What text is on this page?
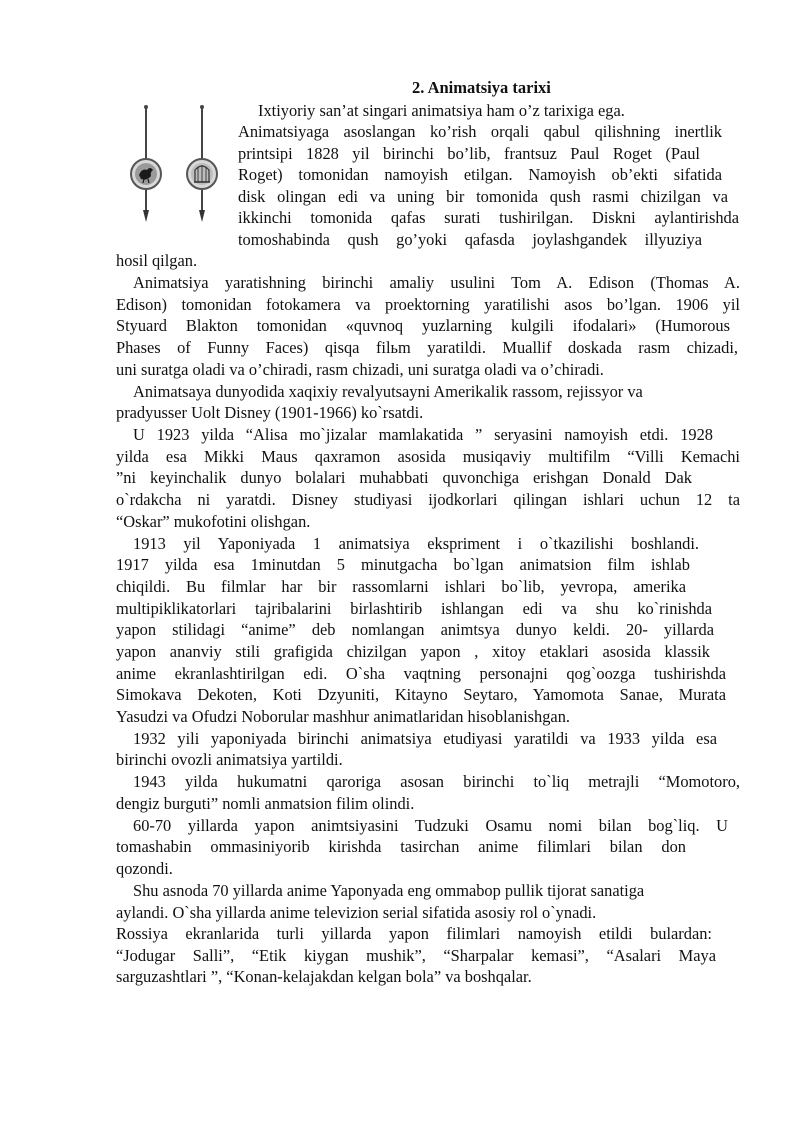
2. Animatsiya tarixi
Ixtiyoriy san’at singari animatsiya ham o’z tarixiga ega.
Animatsiyaga asoslangan ko’rish orqali qabul qilishning inertlik
printsipi 1828 yil birinchi bo’lib, frantsuz Paul Roget (Paul
Roget) tomonidan namoyish etilgan. Namoyish ob’ekti sifatida
disk olingan edi va uning bir tomonida qush rasmi chizilgan va
ikkinchi tomonida qafas surati tushirilgan. Diskni aylantirishda
tomoshabinda qush go’yoki qafasda joylashgandek illyuziya
hosil qilgan.
Animatsiya yaratishning birinchi amaliy usulini Tom A. Edison (Thomas A.
Edison) tomonidan fotokamera va proektorning yaratilishi asos bo’lgan. 1906 yil
Styuard Blakton tomonidan «quvnoq yuzlarning kulgili ifodalari» (Humorous
Phases of Funny Faces) qisqa filьm yaratildi. Muallif doskada rasm chizadi,
uni suratga oladi va o’chiradi, rasm chizadi, uni suratga oladi va o’chiradi.
Animatsaya dunyodida xaqixiy revalyutsayni Amerikalik rassom, rejissyor va
pradyusser Uolt Disney (1901-1966) ko`rsatdi.
U 1923 yilda “Alisa mo`jizalar mamlakatida ” seryasini namoyish etdi. 1928
yilda esa Mikki Maus qaxramon asosida musiqaviy multifilm “Villi Kemachi
”ni keyinchalik dunyo bolalari muhabbati quvonchiga erishgan Donald Dak
o`rdakcha ni yaratdi. Disney studiyasi ijodkorlari qilingan ishlari uchun 12 ta
“Oskar” mukofotini olishgan.
1913 yil Yaponiyada 1 animatsiya ekspriment i o`tkazilishi boshlandi.
1917 yilda esa 1minutdan 5 minutgacha bo`lgan animatsion film ishlab
chiqildi. Bu filmlar har bir rassomlarni ishlari bo`lib, yevropa, amerika
multipiklikatorlari tajribalarini birlashtirib ishlangan edi va shu ko`rinishda
yapon stilidagi “anime” deb nomlangan animtsya dunyo keldi. 20- yillarda
yapon ananviy stili grafigida chizilgan yapon , xitoy etaklari asosida klassik
anime ekranlashtirilgan edi. O`sha vaqtning personajni qog`oozga tushirishda
Simokava Dekoten, Koti Dzyuniti, Kitayno Seytaro, Yamomota Sanae, Murata
Yasudzi va Ofudzi Noborular mashhur animatlaridan hisoblanishgan.
1932 yili yaponiyada birinchi animatsiya etudiyasi yaratildi va 1933 yilda esa
birinchi ovozli animatsiya yartildi.
1943 yilda hukumatni qaroriga asosan birinchi to`liq metrajli “Momotoro,
dengiz burguti” nomli anmatsion filim olindi.
60-70 yillarda yapon animtsiyasini Tudzuki Osamu nomi bilan bog`liq. U
tomashabin ommasiniyorib kirishda tasirchan anime filimlari bilan don
qozondi.
Shu asnoda 70 yillarda anime Yaponyada eng ommabop pullik tijorat sanatiga
aylandi. O`sha yillarda anime televizion serial sifatida asosiy rol o`ynadi.
Rossiya ekranlarida turli yillarda yapon filimlari namoyish etildi bulardan:
“Jodugar Salli”, “Etik kiygan mushik”, “Sharpalar kemasi”, “Asalari Maya
sarguzashtlari ”, “Konan-kelajakdan kelgan bola” va boshqalar.
